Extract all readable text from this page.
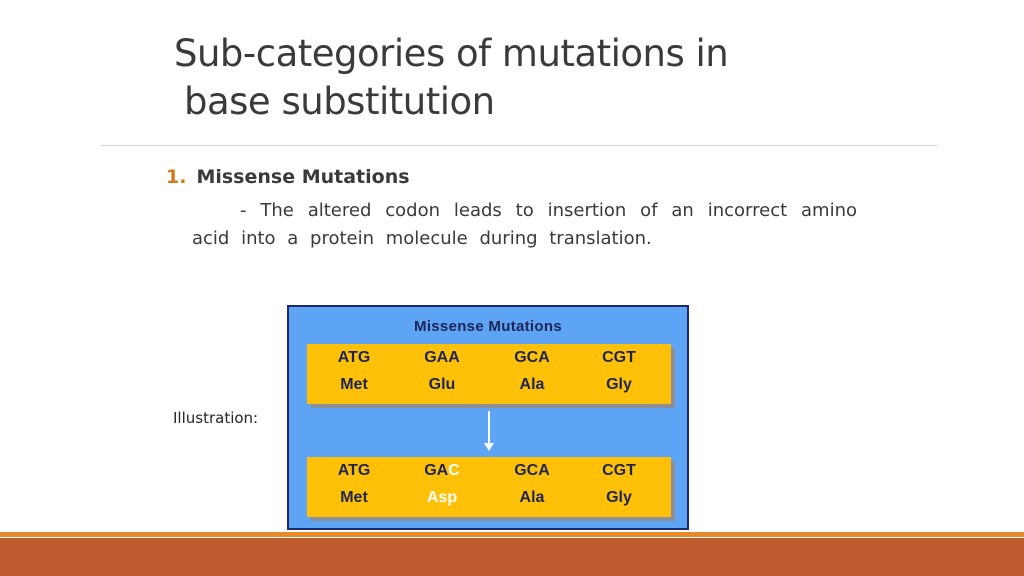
Sub-categories of mutations in
base substitution
1. Missense Mutations
- The altered codon leads to insertion of an incorrect amino acid into a protein molecule during translation.
Illustration:
Missense Mutations
ATG	GAA	GCA	CGT
Met	Glu	Ala	Gly
ATG	GAC	GCA	CGT
Met	Asp	Ala	Gly
